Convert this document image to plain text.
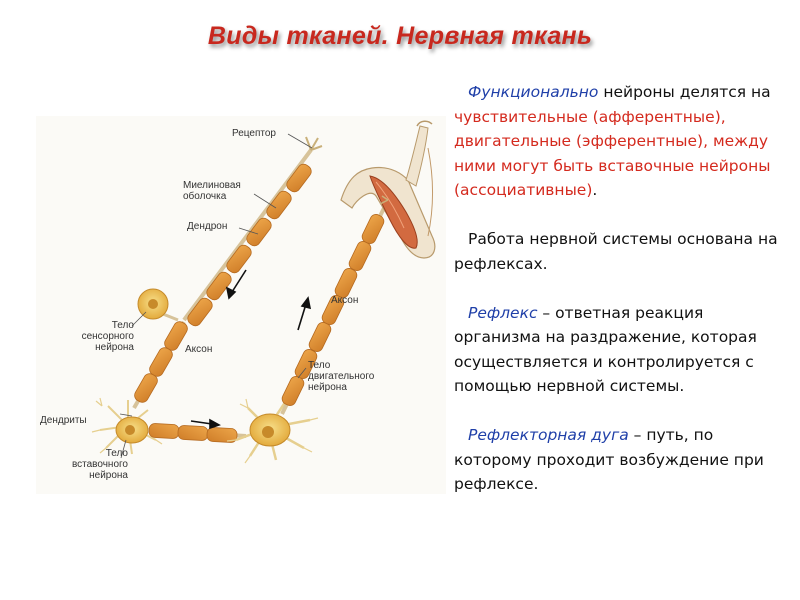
Виды тканей. Нервная ткань
Рецептор
Миелиновая
оболочка
Дендрон
Аксон
Тело
сенсорного
нейрона	Аксон
Тело
двигательного
нейрона
Дендриты
Тело
вставочного
нейрона

Функционально нейроны делятся на чувствительные (афферентные), двигательные (эфферентные), между ними могут быть вставочные нейроны (ассоциативные).

Работа нервной системы основана на рефлексах.

Рефлекс – ответная реакция организма на раздражение, которая осуществляется и контролируется с помощью нервной системы.

Рефлекторная дуга – путь, по которому проходит возбуждение при рефлексе.
